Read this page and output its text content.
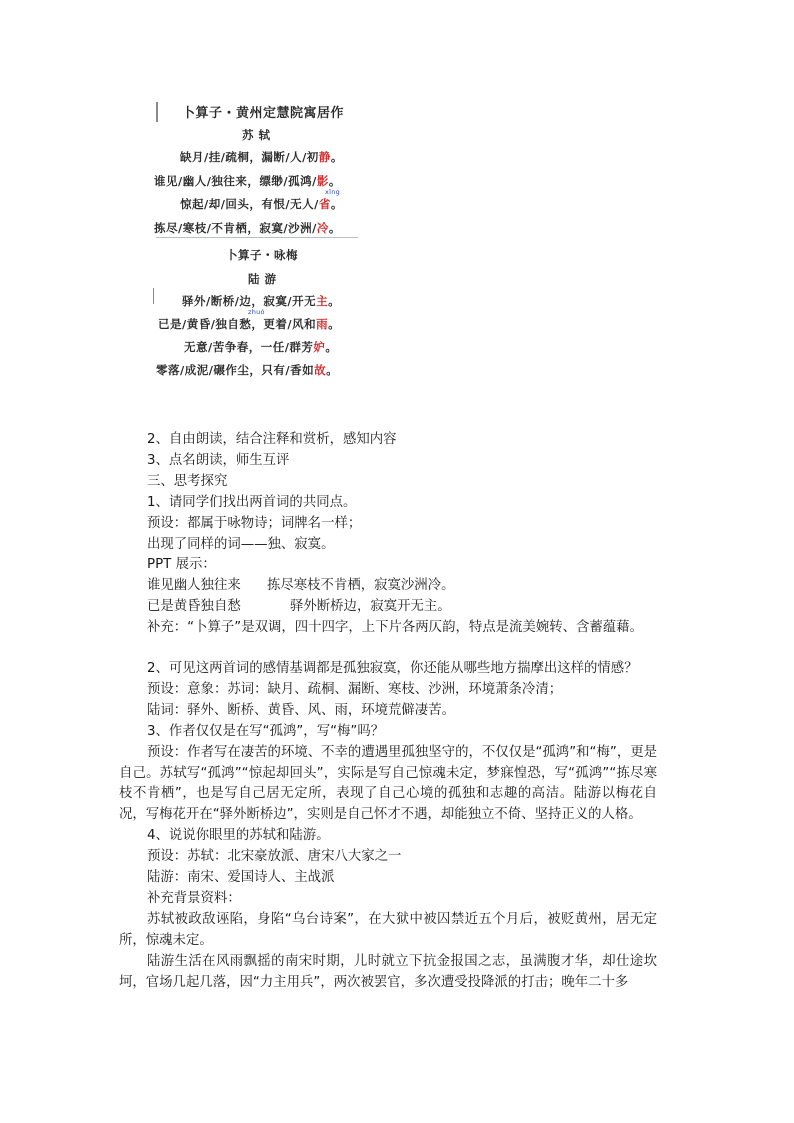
卜算子・黄州定慧院寓居作
苏 轼
缺月/挂/疏桐，漏断/人/初静。
谁见/幽人/独往来，缥缈/孤鸿/影。
xǐng
惊起/却/回头，有恨/无人/省。
拣尽/寒枝/不肯栖，寂寞/沙洲/冷。
卜算子・咏梅
陆 游
驿外/断桥/边，寂寞/开无主。
zhuó
已是/黄昏/独自愁，更着/风和雨。
无意/苦争春，一任/群芳妒。
零落/成泥/碾作尘，只有/香如故。

2、自由朗读，结合注释和赏析，感知内容

3、点名朗读，师生互评

三、思考探究

1、请同学们找出两首词的共同点。

预设：都属于咏物诗；词牌名一样；

出现了同样的词——独、寂寞。

PPT 展示：

谁见幽人独往来 拣尽寒枝不肯栖，寂寞沙洲冷。

已是黄昏独自愁	驿外断桥边，寂寞开无主。

补充：“卜算子”是双调，四十四字，上下片各两仄韵，特点是流美婉转、含蓄蕴藉。

2、可见这两首词的感情基调都是孤独寂寞，你还能从哪些地方揣摩出这样的情感？

预设：意象：苏词：缺月、疏桐、漏断、寒枝、沙洲，环境萧条冷清；

陆词：驿外、断桥、黄昏、风、雨，环境荒僻凄苦。

3、作者仅仅是在写“孤鸿”，写“梅”吗？

预设：作者写在凄苦的环境、不幸的遭遇里孤独坚守的，不仅仅是“孤鸿”和“梅”，更是自己。苏轼写“孤鸿”“惊起却回头”，实际是写自己惊魂未定，梦寐惶恐，写“孤鸿”“拣尽寒枝不肯栖”，也是写自己居无定所，表现了自己心境的孤独和志趣的高洁。陆游以梅花自况，写梅花开在“驿外断桥边”，实则是自己怀才不遇，却能独立不倚、坚持正义的人格。

4、说说你眼里的苏轼和陆游。

预设：苏轼：北宋豪放派、唐宋八大家之一

陆游：南宋、爱国诗人、主战派

补充背景资料：

苏轼被政敌诬陷，身陷“乌台诗案”，在大狱中被囚禁近五个月后，被贬黄州，居无定所，惊魂未定。

陆游生活在风雨飘摇的南宋时期，儿时就立下抗金报国之志，虽满腹才华，却仕途坎坷，官场几起几落，因“力主用兵”，两次被罢官，多次遭受投降派的打击；晚年二十多
